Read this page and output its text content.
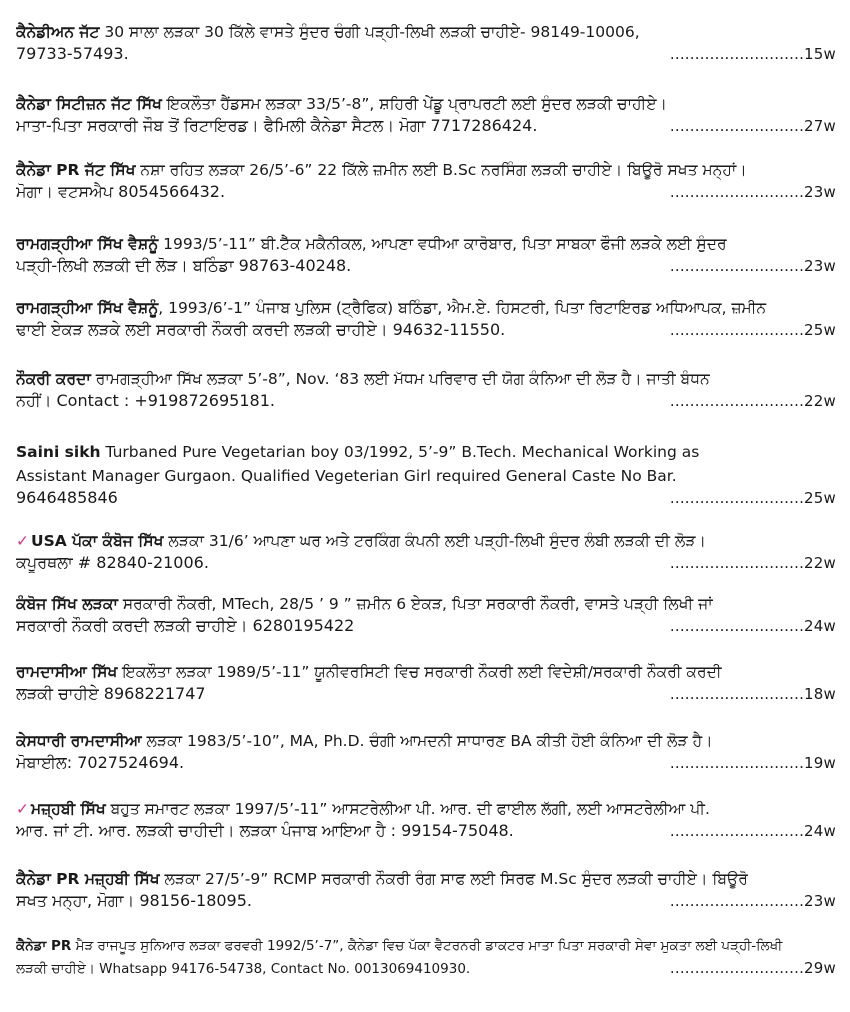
ਕੈਨੇਡੀਅਨ ਜੱਟ 30 ਸਾਲਾ ਲੜਕਾ 30 ਕਿੱਲੇ ਵਾਸਤੇ ਸੁੰਦਰ ਚੰਗੀ ਪੜ੍ਹੀ-ਲਿਖੀ ਲੜਕੀ ਚਾਹੀਏ- 98149-10006,
79733-57493.	...........................15w
ਕੈਨੇਡਾ ਸਿਟੀਜ਼ਨ ਜੱਟ ਸਿੱਖ ਇਕਲੌਤਾ ਹੈਂਡਸਮ ਲੜਕਾ 33/5’-8”, ਸ਼ਹਿਰੀ ਪੇਂਡੂ ਪ੍ਰਾਪਰਟੀ ਲਈ ਸੁੰਦਰ ਲੜਕੀ ਚਾਹੀਏ।
ਮਾਤਾ-ਪਿਤਾ ਸਰਕਾਰੀ ਜੌਬ ਤੋਂ ਰਿਟਾਇਰਡ। ਫੈਮਿਲੀ ਕੈਨੇਡਾ ਸੈਟਲ। ਮੋਗਾ 7717286424.	...........................27w
ਕੈਨੇਡਾ PR ਜੱਟ ਸਿੱਖ ਨਸ਼ਾ ਰਹਿਤ ਲੜਕਾ 26/5’-6” 22 ਕਿੱਲੇ ਜ਼ਮੀਨ ਲਈ B.Sc ਨਰਸਿੰਗ ਲੜਕੀ ਚਾਹੀਏ। ਬਿਊਰੋ ਸਖਤ ਮਨ੍ਹਾਂ।
ਮੋਗਾ। ਵਟਸਐਪ 8054566432.	...........................23w
ਰਾਮਗੜ੍ਹੀਆ ਸਿੱਖ ਵੈਸ਼ਨੂੰ 1993/5’-11” ਬੀ.ਟੈੱਕ ਮਕੈਨੀਕਲ, ਆਪਣਾ ਵਧੀਆ ਕਾਰੋਬਾਰ, ਪਿਤਾ ਸਾਬਕਾ ਫੌਜੀ ਲੜਕੇ ਲਈ ਸੁੰਦਰ
ਪੜ੍ਹੀ-ਲਿਖੀ ਲੜਕੀ ਦੀ ਲੋੜ। ਬਠਿੰਡਾ 98763-40248.	...........................23w
ਰਾਮਗੜ੍ਹੀਆ ਸਿੱਖ ਵੈਸ਼ਨੂੰ, 1993/6’-1” ਪੰਜਾਬ ਪੁਲਿਸ (ਟ੍ਰੈਫਿਕ) ਬਠਿੰਡਾ, ਐਮ.ਏ. ਹਿਸਟਰੀ, ਪਿਤਾ ਰਿਟਾਇਰਡ ਅਧਿਆਪਕ, ਜ਼ਮੀਨ
ਢਾਈ ਏਕੜ ਲੜਕੇ ਲਈ ਸਰਕਾਰੀ ਨੌਕਰੀ ਕਰਦੀ ਲੜਕੀ ਚਾਹੀਏ। 94632-11550.	...........................25w
ਨੌਕਰੀ ਕਰਦਾ ਰਾਮਗੜ੍ਹੀਆ ਸਿੱਖ ਲੜਕਾ 5’-8”, Nov. ‘83 ਲਈ ਮੱਧਮ ਪਰਿਵਾਰ ਦੀ ਯੋਗ ਕੰਨਿਆ ਦੀ ਲੋੜ ਹੈ। ਜਾਤੀ ਬੰਧਨ
ਨਹੀਂ। Contact : +919872695181.	...........................22w
Saini sikh Turbaned Pure Vegetarian boy 03/1992, 5’-9” B.Tech. Mechanical Working as
Assistant Manager Gurgaon. Qualified Vegeterian Girl required General Caste No Bar.
9646485846	...........................25w
✓ USA ਪੱਕਾ ਕੰਬੋਜ ਸਿੱਖ ਲੜਕਾ 31/6’ ਆਪਣਾ ਘਰ ਅਤੇ ਟਰਕਿੰਗ ਕੰਪਨੀ ਲਈ ਪੜ੍ਹੀ-ਲਿਖੀ ਸੁੰਦਰ ਲੰਬੀ ਲੜਕੀ ਦੀ ਲੋੜ।
ਕਪੂਰਥਲਾ # 82840-21006.	...........................22w
ਕੰਬੋਜ ਸਿੱਖ ਲੜਕਾ ਸਰਕਾਰੀ ਨੌਕਰੀ, MTech, 28/5 ’ 9 ” ਜ਼ਮੀਨ 6 ਏਕੜ, ਪਿਤਾ ਸਰਕਾਰੀ ਨੌਕਰੀ, ਵਾਸਤੇ ਪੜ੍ਹੀ ਲਿਖੀ ਜਾਂ
ਸਰਕਾਰੀ ਨੌਕਰੀ ਕਰਦੀ ਲੜਕੀ ਚਾਹੀਏ। 6280195422	...........................24w
ਰਾਮਦਾਸੀਆ ਸਿੱਖ ਇਕਲੌਤਾ ਲੜਕਾ 1989/5’-11” ਯੂਨੀਵਰਸਿਟੀ ਵਿਚ ਸਰਕਾਰੀ ਨੌਕਰੀ ਲਈ ਵਿਦੇਸ਼ੀ/ਸਰਕਾਰੀ ਨੌਕਰੀ ਕਰਦੀ
ਲੜਕੀ ਚਾਹੀਏ 8968221747	...........................18w
ਕੇਸਧਾਰੀ ਰਾਮਦਾਸੀਆ ਲੜਕਾ 1983/5’-10”, MA, Ph.D. ਚੰਗੀ ਆਮਦਨੀ ਸਾਧਾਰਣ BA ਕੀਤੀ ਹੋਈ ਕੰਨਿਆ ਦੀ ਲੋੜ ਹੈ।
ਮੋਬਾਈਲ: 7027524694.	...........................19w
✓ ਮਜ਼੍ਹਬੀ ਸਿੱਖ ਬਹੁਤ ਸਮਾਰਟ ਲੜਕਾ 1997/5’-11” ਆਸਟਰੇਲੀਆ ਪੀ. ਆਰ. ਦੀ ਫਾਈਲ ਲੱਗੀ, ਲਈ ਆਸਟਰੇਲੀਆ ਪੀ.
ਆਰ. ਜਾਂ ਟੀ. ਆਰ. ਲੜਕੀ ਚਾਹੀਦੀ। ਲੜਕਾ ਪੰਜਾਬ ਆਇਆ ਹੈ : 99154-75048.	...........................24w
ਕੈਨੇਡਾ PR ਮਜ਼੍ਹਬੀ ਸਿੱਖ ਲੜਕਾ 27/5’-9” RCMP ਸਰਕਾਰੀ ਨੌਕਰੀ ਰੰਗ ਸਾਫ ਲਈ ਸਿਰਫ M.Sc ਸੁੰਦਰ ਲੜਕੀ ਚਾਹੀਏ। ਬਿਊਰੋ
ਸਖਤ ਮਨ੍ਹਾ, ਮੋਗਾ। 98156-18095.	...........................23w
ਕੈਨੇਡਾ PR ਮੈੜ ਰਾਜਪੂਤ ਸੁਨਿਆਰ ਲੜਕਾ ਫਰਵਰੀ 1992/5’-7”, ਕੈਨੇਡਾ ਵਿਚ ਪੱਕਾ ਵੈਟਰਨਰੀ ਡਾਕਟਰ ਮਾਤਾ ਪਿਤਾ ਸਰਕਾਰੀ ਸੇਵਾ ਮੁਕਤਾ ਲਈ ਪੜ੍ਹੀ-ਲਿਖੀ
ਲੜਕੀ ਚਾਹੀਏ। Whatsapp 94176-54738, Contact No. 0013069410930.	...........................29w
